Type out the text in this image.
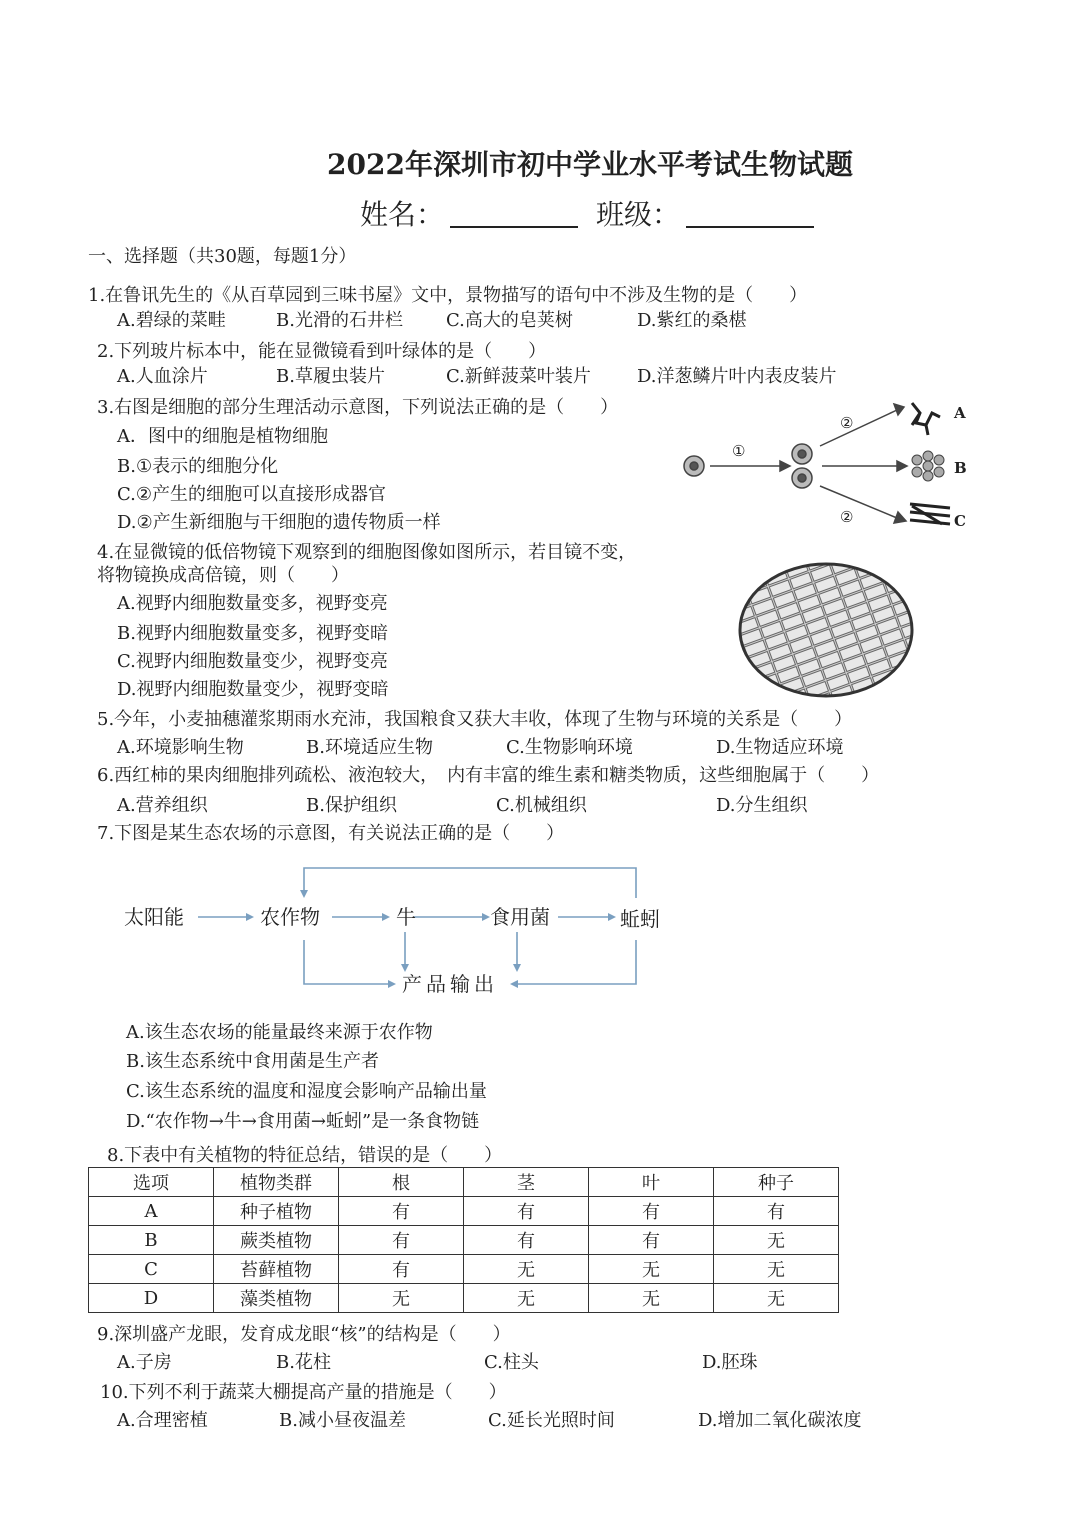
2022年深圳市初中学业水平考试生物试题
姓名：	班级：
一、选择题（共30题，每题1分）
1.在鲁讯先生的《从百草园到三味书屋》文中，景物描写的语句中不涉及生物的是（　　）
A.碧绿的菜畦	B.光滑的石井栏 C.高大的皂荚树	D.紫红的桑椹
2.下列玻片标本中，能在显微镜看到叶绿体的是（　　）
A.人血涂片	B.草履虫装片	C.新鲜菠菜叶装片	D.洋葱鳞片叶内表皮装片
3.右图是细胞的部分生理活动示意图，下列说法正确的是（　　）
A．图中的细胞是植物细胞
B.①表示的细胞分化
C.②产生的细胞可以直接形成器官
D.②产生新细胞与干细胞的遗传物质一样
①
②
②
A
B
C
4.在显微镜的低倍物镜下观察到的细胞图像如图所示，若目镜不变，
将物镜换成高倍镜，则（　　）
A.视野内细胞数量变多，视野变亮
B.视野内细胞数量变多，视野变暗
C.视野内细胞数量变少，视野变亮
D.视野内细胞数量变少，视野变暗
5.今年，小麦抽穗灌浆期雨水充沛，我国粮食又获大丰收，体现了生物与环境的关系是（　　）
A.环境影响生物	B.环境适应生物	C.生物影响环境	D.生物适应环境
6.西红柿的果肉细胞排列疏松、液泡较大，　内有丰富的维生素和糖类物质，这些细胞属于（　　）
A.营养组织	B.保护组织	C.机械组织	D.分生组织
7.下图是某生态农场的示意图，有关说法正确的是（　　）
太阳能	农作物	牛	食用菌	蚯蚓
产品输出
A.该生态农场的能量最终来源于农作物
B.该生态系统中食用菌是生产者
C.该生态系统的温度和湿度会影响产品输出量
D.“农作物→牛→食用菌→蚯蚓”是一条食物链
8.下表中有关植物的特征总结，错误的是（　　）
选项	植物类群	根	茎	叶	种子
A	种子植物	有	有	有	有
B	蕨类植物	有	有	有	无
C	苔藓植物	有	无	无	无
D	藻类植物	无	无	无	无
9.深圳盛产龙眼，发育成龙眼“核”的结构是（　　）
A.子房	B.花柱	C.柱头	D.胚珠
10.下列不利于蔬菜大棚提高产量的措施是（　　）
A.合理密植	B.减小昼夜温差	C.延长光照时间	D.增加二氧化碳浓度
